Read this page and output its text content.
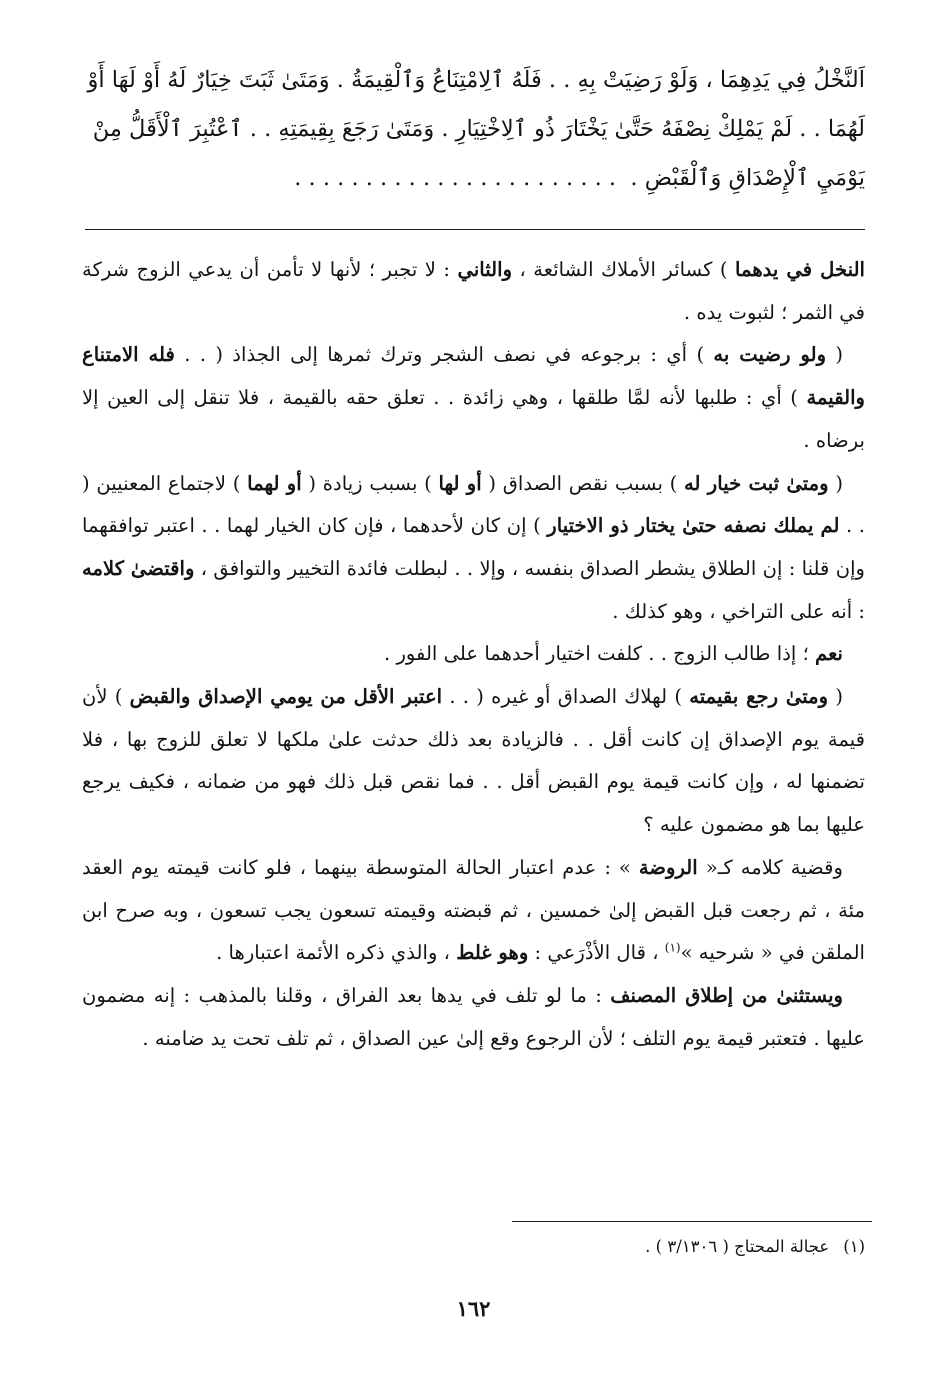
اَلنَّخْلُ فِي يَدِهِمَا ، وَلَوْ رَضِيَتْ بِهِ . . فَلَهُ ٱلِامْتِنَاعُ وَٱلْقِيمَةُ . وَمَتَىٰ ثَبَتَ خِيَارٌ لَهُ أَوْ لَهَا أَوْ

لَهُمَا . . لَمْ يَمْلِكْ نِصْفَهُ حَتَّىٰ يَخْتَارَ ذُو ٱلِاخْتِيَارِ . وَمَتَىٰ رَجَعَ بِقِيمَتِهِ . . ٱعْتُبِرَ ٱلْأَقَلُّ مِنْ

يَوْمَيِ ٱلْإِصْدَاقِ وَٱلْقَبْضِ .  . . . . . . . . . . . . . . . . . . . . . . .

النخل في يدهما ) كسائر الأملاك الشائعة ، والثاني : لا تجبر ؛ لأنها لا تأمن أن يدعي الزوج شركة في الثمر ؛ لثبوت يده .

( ولو رضيت به ) أي : برجوعه في نصف الشجر وترك ثمرها إلى الجذاذ ( . . فله الامتناع والقيمة ) أي : طلبها لأنه لمَّا طلقها ، وهي زائدة . . تعلق حقه بالقيمة ، فلا تنقل إلى العين إلا برضاه .

( ومتىٰ ثبت خيار له ) بسبب نقص الصداق ( أو لها ) بسبب زيادة ( أو لهما ) لاجتماع المعنيين ( . . لم يملك نصفه حتىٰ يختار ذو الاختيار ) إن كان لأحدهما ، فإن كان الخيار لهما . . اعتبر توافقهما وإن قلنا : إن الطلاق يشطر الصداق بنفسه ، وإلا . . لبطلت فائدة التخيير والتوافق ، واقتضىٰ كلامه : أنه على التراخي ، وهو كذلك .

نعم ؛ إذا طالب الزوج . . كلفت اختيار أحدهما على الفور .

( ومتىٰ رجع بقيمته ) لهلاك الصداق أو غيره ( . . اعتبر الأقل من يومي الإصداق والقبض ) لأن قيمة يوم الإصداق إن كانت أقل . . فالزيادة بعد ذلك حدثت علىٰ ملكها لا تعلق للزوج بها ، فلا تضمنها له ، وإن كانت قيمة يوم القبض أقل . . فما نقص قبل ذلك فهو من ضمانه ، فكيف يرجع عليها بما هو مضمون عليه ؟

وقضية كلامه كـ« الروضة » : عدم اعتبار الحالة المتوسطة بينهما ، فلو كانت قيمته يوم العقد مئة ، ثم رجعت قبل القبض إلىٰ خمسين ، ثم قبضته وقيمته تسعون يجب تسعون ، وبه صرح ابن الملقن في « شرحيه »$^{(١)}$ ، قال الأذْرَعي : وهو غلط ، والذي ذكره الأئمة اعتبارها .

ويستثنىٰ من إطلاق المصنف : ما لو تلف في يدها بعد الفراق ، وقلنا بالمذهب : إنه مضمون عليها . فتعتبر قيمة يوم التلف ؛ لأن الرجوع وقع إلىٰ عين الصداق ، ثم تلف تحت يد ضامنه .

(١)عجالة المحتاج ( ٣/١٣٠٦ ) .
١٦٢
